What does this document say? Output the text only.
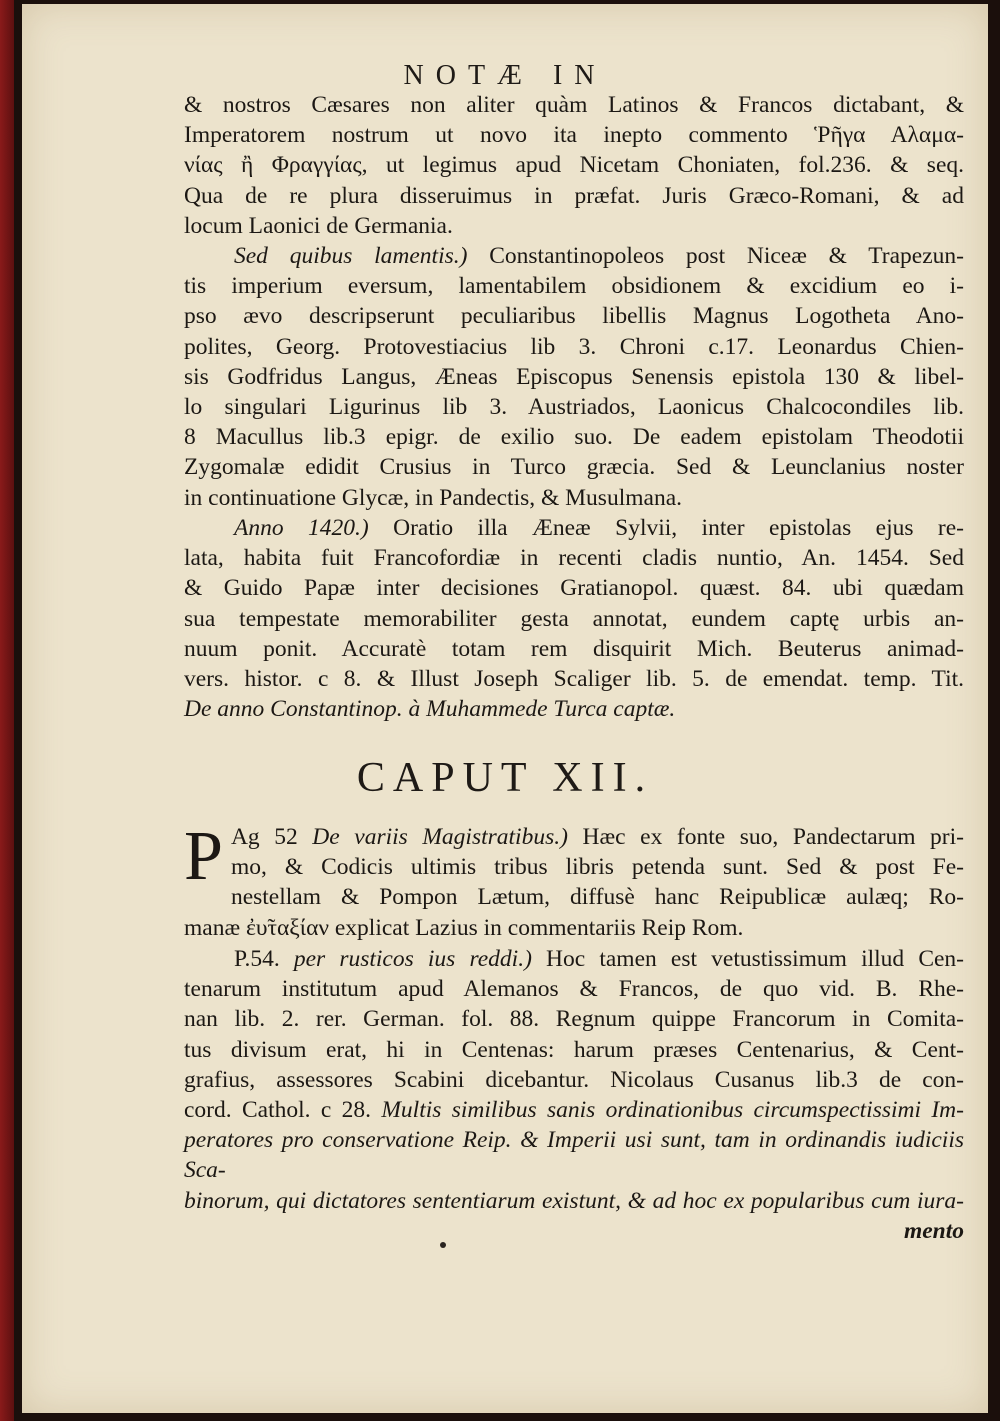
NOTÆ IN

& nostros Cæsares non aliter quàm Latinos & Francos dictabant, &

Imperatorem nostrum ut novo ita inepto commento Ῥῆγα Αλαμα-

νίας ἢ Φραγγίας, ut legimus apud Nicetam Choniaten, fol.236. & seq.

Qua de re plura disseruimus in præfat. Juris Græco-Romani, & ad

locum Laonici de Germania.

Sed quibus lamentis.) Constantinopoleos post Niceæ & Trapezun-

tis imperium eversum, lamentabilem obsidionem & excidium eo i-

pso ævo descripserunt peculiaribus libellis Magnus Logotheta Ano-

polites, Georg. Protovestiacius lib 3. Chroni c.17. Leonardus Chien-

sis Godfridus Langus, Æneas Episcopus Senensis epistola 130 & libel-

lo singulari Ligurinus lib 3. Austriados, Laonicus Chalcocondiles lib.

8 Macullus lib.3 epigr. de exilio suo. De eadem epistolam Theodotii

Zygomalæ edidit Crusius in Turco græcia. Sed & Leunclanius noster

in continuatione Glycæ, in Pandectis, & Musulmana.

Anno 1420.) Oratio illa Æneæ Sylvii, inter epistolas ejus re-

lata, habita fuit Francofordiæ in recenti cladis nuntio, An. 1454. Sed

& Guido Papæ inter decisiones Gratianopol. quæst. 84. ubi quædam

sua tempestate memorabiliter gesta annotat, eundem captę urbis an-

nuum ponit. Accuratè totam rem disquirit Mich. Beuterus animad-

vers. histor. c 8. & Illust Joseph Scaliger lib. 5. de emendat. temp. Tit.

De anno Constantinop. à Muhammede Turca captæ.

CAPUT XII.
P Ag 52 De variis Magistratibus.) Hæc ex fonte suo, Pandectarum pri-

mo, & Codicis ultimis tribus libris petenda sunt. Sed & post Fe-

nestellam & Pompon Lætum, diffusè hanc Reipublicæ aulæq; Ro-

manæ ἐυ̃ταξίαν explicat Lazius in commentariis Reip Rom.

P.54. per rusticos ius reddi.) Hoc tamen est vetustissimum illud Cen-

tenarum institutum apud Alemanos & Francos, de quo vid. B. Rhe-

nan lib. 2. rer. German. fol. 88. Regnum quippe Francorum in Comita-

tus divisum erat, hi in Centenas: harum præses Centenarius, & Cent-

grafius, assessores Scabini dicebantur. Nicolaus Cusanus lib.3 de con-

cord. Cathol. c 28. Multis similibus sanis ordinationibus circumspectissimi Im-

peratores pro conservatione Reip. & Imperii usi sunt, tam in ordinandis iudiciis Sca-

binorum, qui dictatores sententiarum existunt, & ad hoc ex popularibus cum iura-

mento
